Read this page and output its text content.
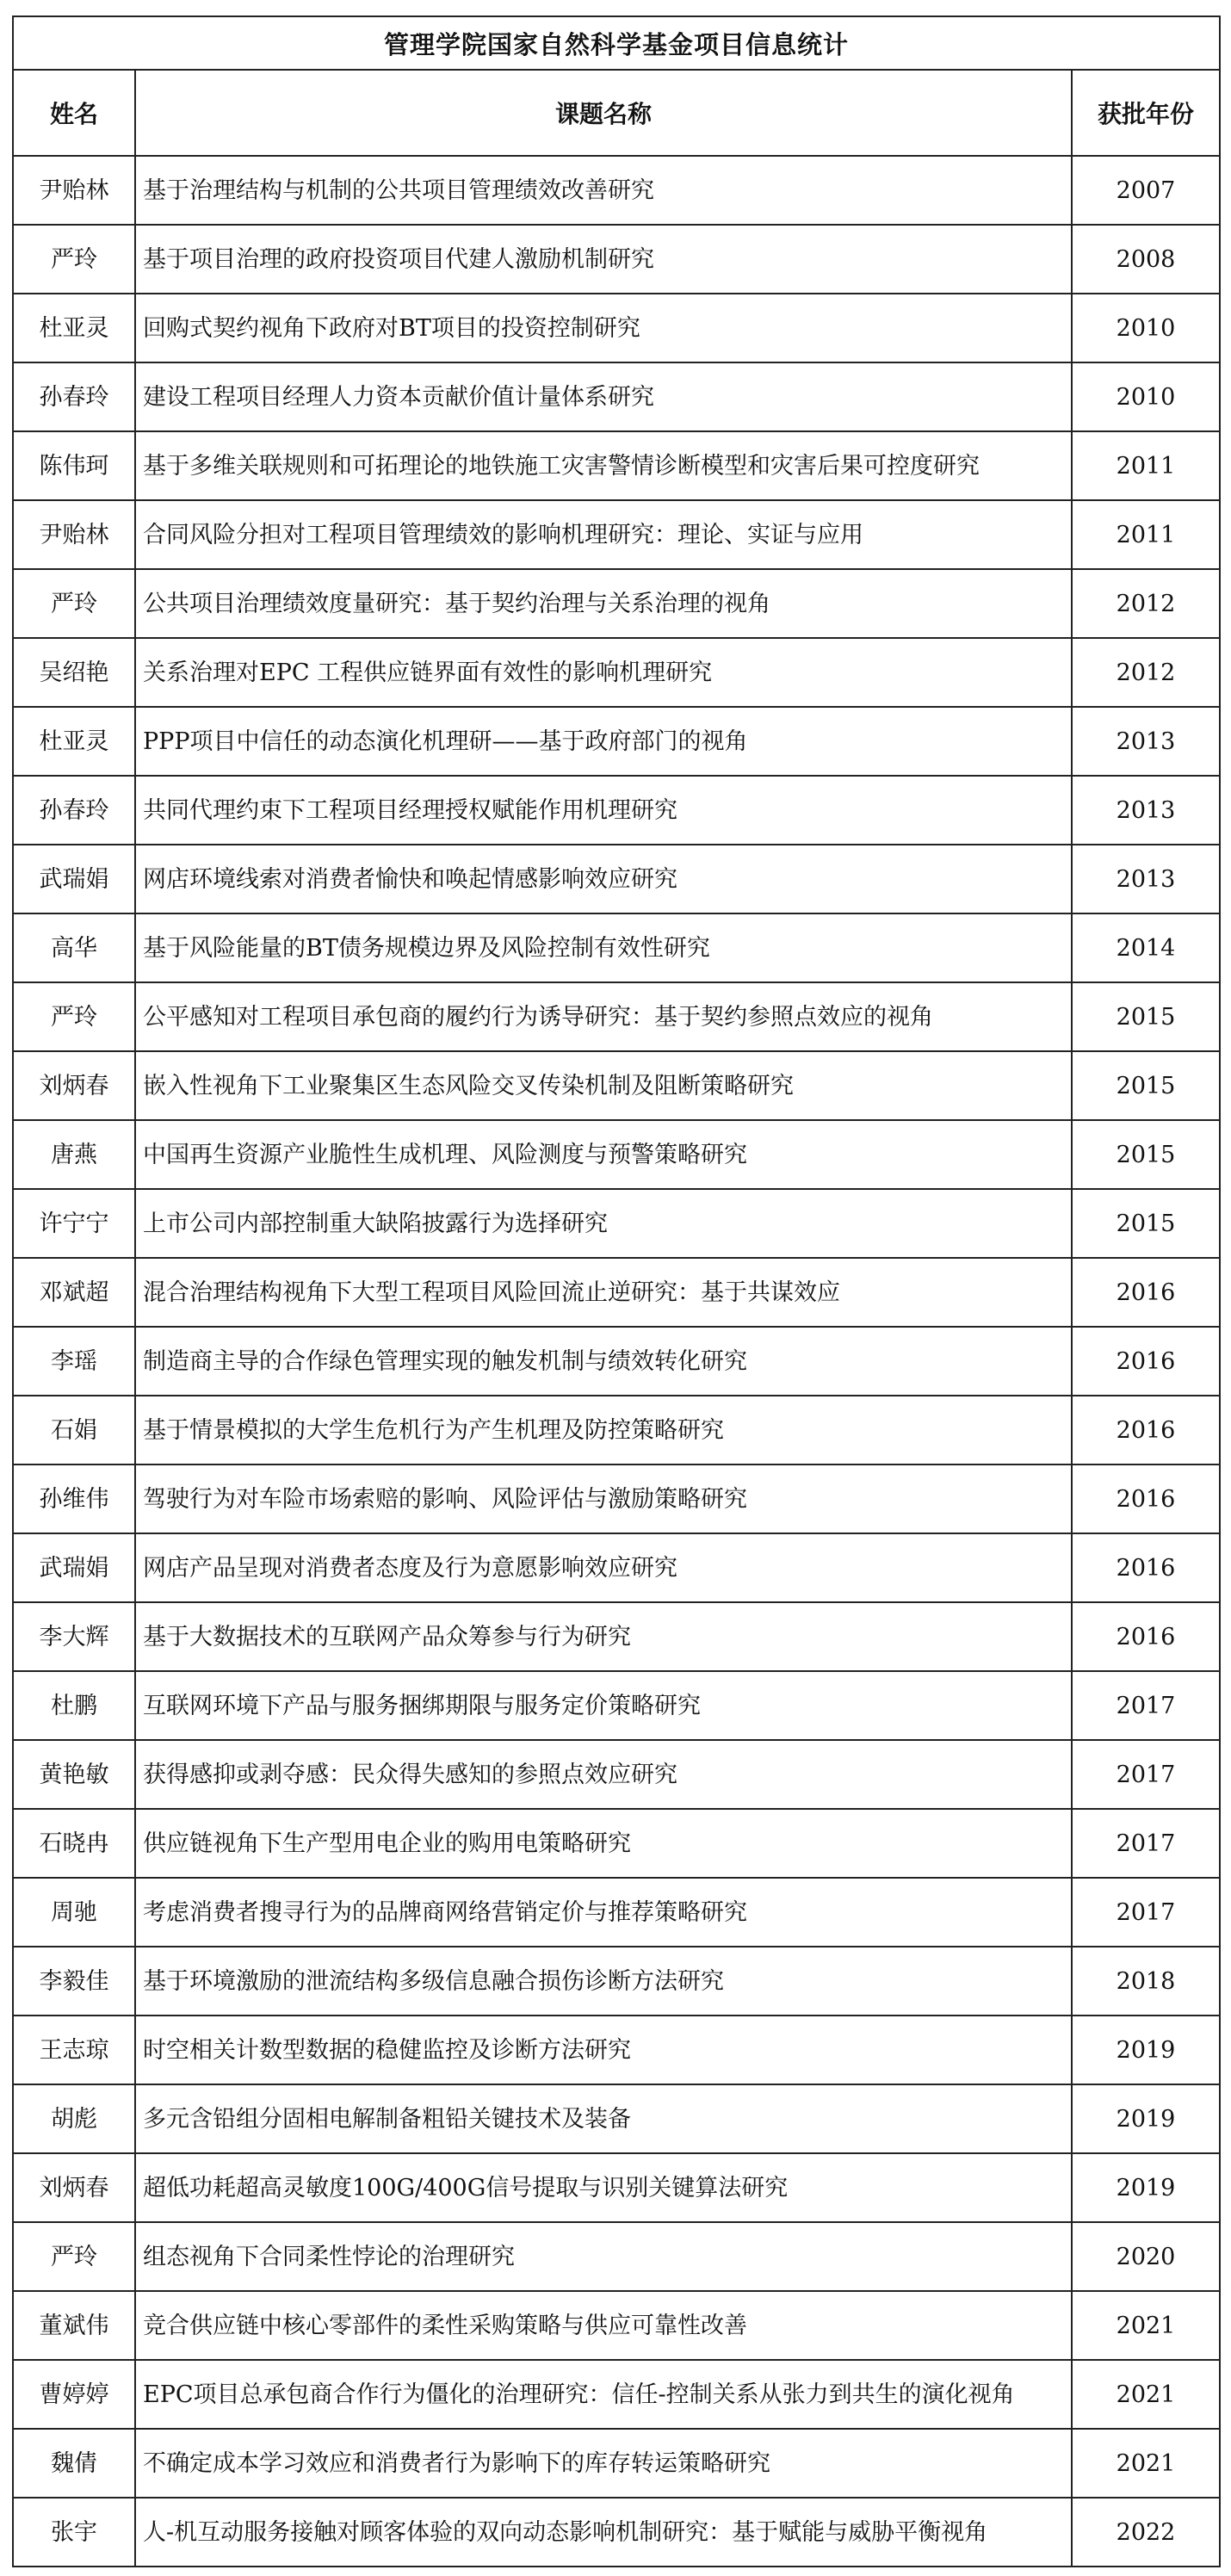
管理学院国家自然科学基金项目信息统计		
姓名	课题名称	获批年份
尹贻林	基于治理结构与机制的公共项目管理绩效改善研究	2007
严玲	基于项目治理的政府投资项目代建人激励机制研究	2008
杜亚灵	回购式契约视角下政府对BT项目的投资控制研究	2010
孙春玲	建设工程项目经理人力资本贡献价值计量体系研究	2010
陈伟珂	基于多维关联规则和可拓理论的地铁施工灾害警情诊断模型和灾害后果可控度研究	2011
尹贻林	合同风险分担对工程项目管理绩效的影响机理研究：理论、实证与应用	2011
严玲	公共项目治理绩效度量研究：基于契约治理与关系治理的视角	2012
吴绍艳	关系治理对EPC 工程供应链界面有效性的影响机理研究	2012
杜亚灵	PPP项目中信任的动态演化机理研——基于政府部门的视角	2013
孙春玲	共同代理约束下工程项目经理授权赋能作用机理研究	2013
武瑞娟	网店环境线索对消费者愉快和唤起情感影响效应研究	2013
高华	基于风险能量的BT债务规模边界及风险控制有效性研究	2014
严玲	公平感知对工程项目承包商的履约行为诱导研究：基于契约参照点效应的视角	2015
刘炳春	嵌入性视角下工业聚集区生态风险交叉传染机制及阻断策略研究	2015
唐燕	中国再生资源产业脆性生成机理、风险测度与预警策略研究	2015
许宁宁	上市公司内部控制重大缺陷披露行为选择研究	2015
邓斌超	混合治理结构视角下大型工程项目风险回流止逆研究：基于共谋效应	2016
李瑶	制造商主导的合作绿色管理实现的触发机制与绩效转化研究	2016
石娟	基于情景模拟的大学生危机行为产生机理及防控策略研究	2016
孙维伟	驾驶行为对车险市场索赔的影响、风险评估与激励策略研究	2016
武瑞娟	网店产品呈现对消费者态度及行为意愿影响效应研究	2016
李大辉	基于大数据技术的互联网产品众筹参与行为研究	2016
杜鹏	互联网环境下产品与服务捆绑期限与服务定价策略研究	2017
黄艳敏	获得感抑或剥夺感：民众得失感知的参照点效应研究	2017
石晓冉	供应链视角下生产型用电企业的购用电策略研究	2017
周驰	考虑消费者搜寻行为的品牌商网络营销定价与推荐策略研究	2017
李毅佳	基于环境激励的泄流结构多级信息融合损伤诊断方法研究	2018
王志琼	时空相关计数型数据的稳健监控及诊断方法研究	2019
胡彪	多元含铅组分固相电解制备粗铅关键技术及装备	2019
刘炳春	超低功耗超高灵敏度100G/400G信号提取与识别关键算法研究	2019
严玲	组态视角下合同柔性悖论的治理研究	2020
董斌伟	竞合供应链中核心零部件的柔性采购策略与供应可靠性改善	2021
曹婷婷	EPC项目总承包商合作行为僵化的治理研究：信任-控制关系从张力到共生的演化视角	2021
魏倩	不确定成本学习效应和消费者行为影响下的库存转运策略研究	2021
张宇	人-机互动服务接触对顾客体验的双向动态影响机制研究：基于赋能与威胁平衡视角	2022
